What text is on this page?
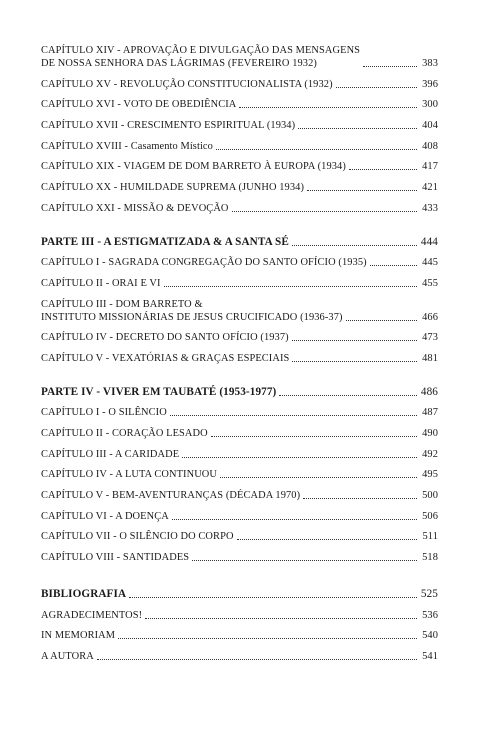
CAPÍTULO XIV - APROVAÇÃO E DIVULGAÇÃO DAS MENSAGENS
DE NOSSA SENHORA DAS LÁGRIMAS (FEVEREIRO 1932)	383
CAPÍTULO XV - REVOLUÇÃO CONSTITUCIONALISTA (1932)	396
CAPÍTULO XVI - VOTO DE OBEDIÊNCIA	300
CAPÍTULO XVII - CRESCIMENTO ESPIRITUAL (1934)	404
CAPÍTULO XVIII - Casamento Místico	408
CAPÍTULO XIX - VIAGEM DE DOM BARRETO À EUROPA (1934)	417
CAPÍTULO XX - HUMILDADE SUPREMA (JUNHO 1934)	421
CAPÍTULO XXI - MISSÃO & DEVOÇÃO	433
PARTE III - A ESTIGMATIZADA & A SANTA SÉ	444
CAPÍTULO I - SAGRADA CONGREGAÇÃO DO SANTO OFÍCIO (1935)	445
CAPÍTULO II - ORAI E VI	455
CAPÍTULO III - DOM BARRETO &
INSTITUTO MISSIONÁRIAS DE JESUS CRUCIFICADO (1936-37)	466
CAPÍTULO IV - DECRETO DO SANTO OFÍCIO (1937)	473
CAPÍTULO V - VEXATÓRIAS & GRAÇAS ESPECIAIS	481
PARTE IV - VIVER EM TAUBATÉ (1953-1977)	486
CAPÍTULO I - O SILÊNCIO	487
CAPÍTULO II - CORAÇÃO LESADO	490
CAPÍTULO III - A CARIDADE	492
CAPÍTULO IV - A LUTA CONTINUOU	495
CAPÍTULO V - BEM-AVENTURANÇAS (DÉCADA 1970)	500
CAPÍTULO VI - A DOENÇA	506
CAPÍTULO VII - O SILÊNCIO DO CORPO	511
CAPÍTULO VIII - SANTIDADES	518
BIBLIOGRAFIA	525
AGRADECIMENTOS!	536
IN MEMORIAM	540
A AUTORA	541
